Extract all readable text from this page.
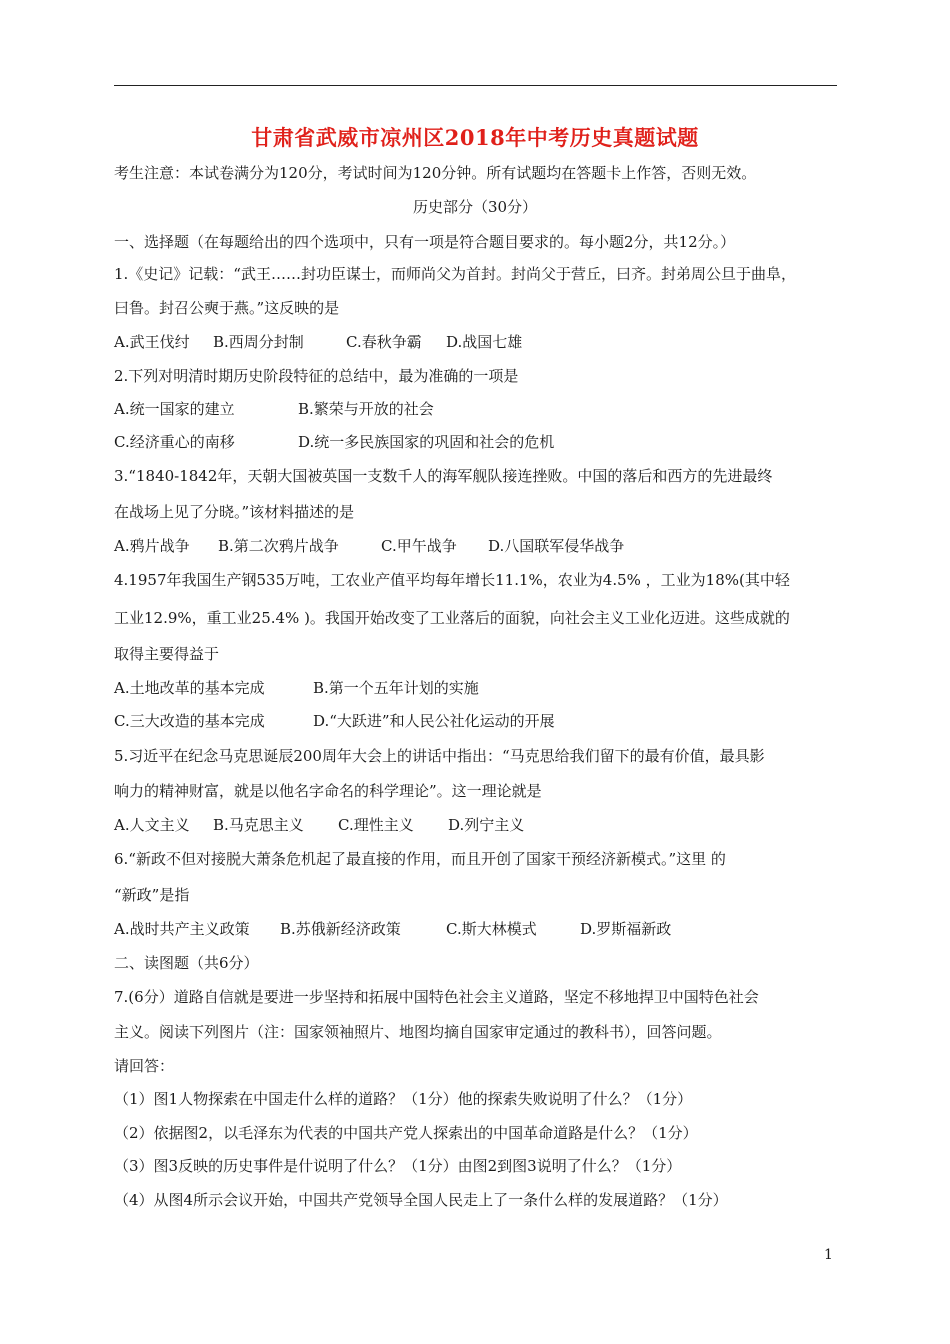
甘肃省武威市凉州区2018年中考历史真题试题
考生注意：本试卷满分为120分，考试时间为120分钟。所有试题均在答题卡上作答，否则无效。
历史部分（30分）
一、选择题（在每题给出的四个选项中，只有一项是符合题目要求的。每小题2分，共12分。）
1.《史记》记载：“武王……封功臣谋士，而师尚父为首封。封尚父于营丘，曰齐。封弟周公旦于曲阜，
曰鲁。封召公奭于燕。”这反映的是
A.武王伐纣 B.西周分封制	C.春秋争霸 D.战国七雄
2.下列对明清时期历史阶段特征的总结中，最为准确的一项是
A.统一国家的建立	B.繁荣与开放的社会
C.经济重心的南移	D.统一多民族国家的巩固和社会的危机
3.“1840-1842年，天朝大国被英国一支数千人的海军舰队接连挫败。中国的落后和西方的先进最终
在战场上见了分晓。”该材料描述的是
A.鸦片战争 B.第二次鸦片战争	C.甲午战争 D.八国联军侵华战争
4.1957年我国生产钢535万吨，工农业产值平均每年增长11.1%，农业为4.5% ，工业为18%(其中轻
工业12.9%，重工业25.4% )。我国开始改变了工业落后的面貌，向社会主义工业化迈进。这些成就的
取得主要得益于
A.土地改革的基本完成	B.第一个五年计划的实施
C.三大改造的基本完成	D.“大跃进”和人民公社化运动的开展
5.习近平在纪念马克思诞辰200周年大会上的讲话中指出：“马克思给我们留下的最有价值，最具影
响力的精神财富，就是以他名字命名的科学理论”。这一理论就是
A.人文主义 B.马克思主义 C.理性主义 D.列宁主义
6.“新政不但对接脱大萧条危机起了最直接的作用，而且开创了国家干预经济新模式。”这里 的
“新政”是指
A.战时共产主义政策 B.苏俄新经济政策	C.斯大林模式	D.罗斯福新政
二、读图题（共6分）
7.(6分）道路自信就是要进一步坚持和拓展中国特色社会主义道路，坚定不移地捍卫中国特色社会
主义。阅读下列图片（注：国家领袖照片、地图均摘自国家审定通过的教科书），回答问题。
请回答：
（1）图1人物探索在中国走什么样的道路？（1分）他的探索失败说明了什么？（1分）
（2）依据图2，以毛泽东为代表的中国共产党人探索出的中国革命道路是什么？（1分）
（3）图3反映的历史事件是什说明了什么？（1分）由图2到图3说明了什么？（1分）
（4）从图4所示会议开始，中国共产党领导全国人民走上了一条什么样的发展道路？（1分）
1
